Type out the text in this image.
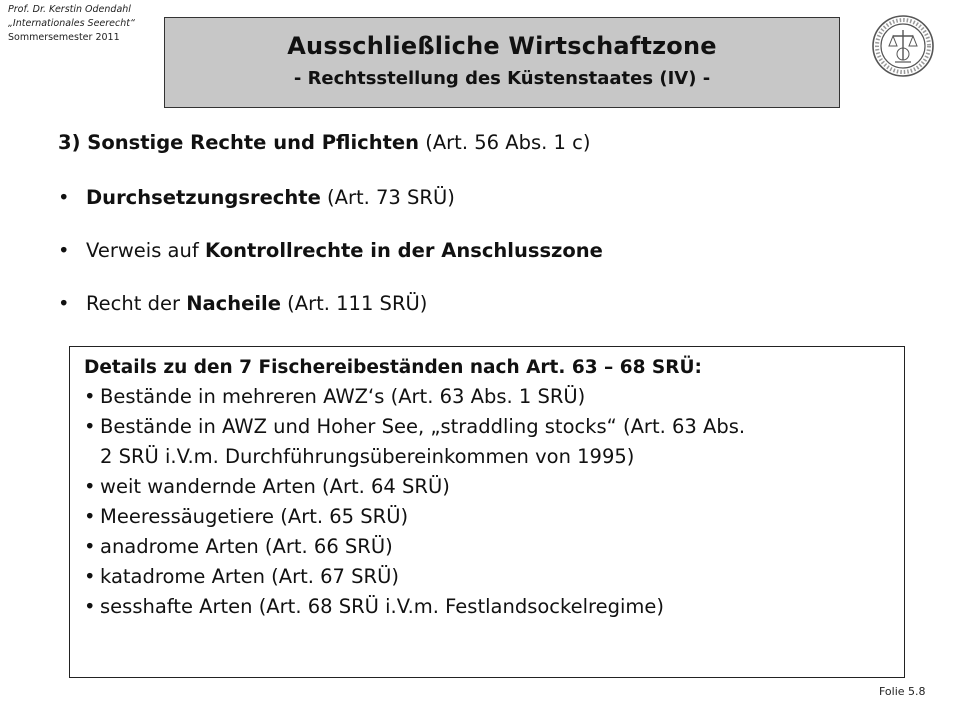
Prof. Dr. Kerstin Odendahl
„Internationales Seerecht“
Sommersemester 2011	Ausschließliche Wirtschaftzone
- Rechtsstellung des Küstenstaates (IV) -
3) Sonstige Rechte und Pflichten (Art. 56 Abs. 1 c)
• Durchsetzungsrechte (Art. 73 SRÜ)
• Verweis auf Kontrollrechte in der Anschlusszone
• Recht der Nacheile (Art. 111 SRÜ)
Details zu den 7 Fischereibeständen nach Art. 63 – 68 SRÜ:
• Bestände in mehreren AWZ‘s (Art. 63 Abs. 1 SRÜ)
• Bestände in AWZ und Hoher See, „straddling stocks“ (Art. 63 Abs.
2 SRÜ i.V.m. Durchführungsübereinkommen von 1995)
• weit wandernde Arten (Art. 64 SRÜ)
• Meeressäugetiere (Art. 65 SRÜ)
• anadrome Arten (Art. 66 SRÜ)
• katadrome Arten (Art. 67 SRÜ)
• sesshafte Arten (Art. 68 SRÜ i.V.m. Festlandsockelregime)
Folie 5.8
